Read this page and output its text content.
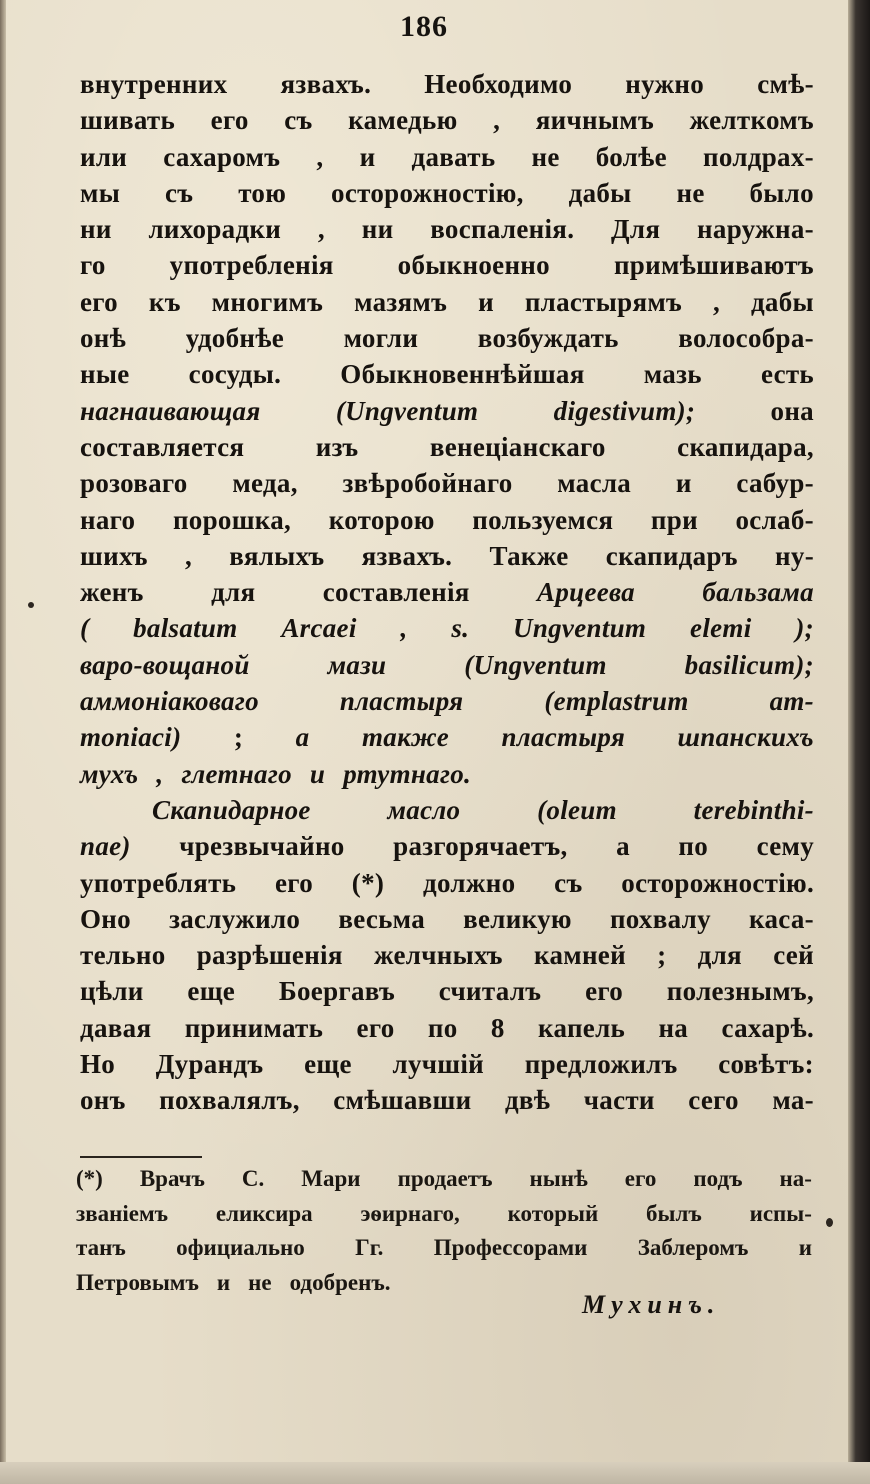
186
внутренних язвахъ. Необходимо нужно смѣ-
шивать его съ камедью , яичнымъ желткомъ
или сахаромъ , и давать не болѣе полдрах-
мы съ тою осторожностію, дабы не было
ни лихорадки , ни воспаленія. Для наружна-
го употребленія обыкноенно примѣшиваютъ
его къ многимъ мазямъ и пластырямъ , дабы
онѣ удобнѣе могли возбуждать волособра-
ные сосуды. Обыкновеннѣйшая мазь есть
нагнаивающая	(Ungventum	digestivum);	она
составляется	изъ	венеціанскаго	скапидара,
розоваго меда, звѣробойнаго масла и сабур-
наго порошка, которою пользуемся при ослаб-
шихъ , вялыхъ язвахъ. Также скапидаръ ну-
женъ для составленія Арцеева бальзама
( balsatum Arcaei , s. Ungventum elemi );
варо-вощаной	мази	(Ungventum	basilicum);
аммоніаковаго	пластыря	(emplastrum	am-
moniaci) ; а также пластыря шпанскихъ
мухъ , глетнаго и ртутнаго.
Скапидарное	масло	(oleum	terebinthi-
nae) чрезвычайно разгорячаетъ, а по сему
употреблять его (*) должно съ осторожностію.
Оно заслужило весьма великую похвалу каса-
тельно разрѣшенія желчныхъ камней ; для сей
цѣли еще Боергавъ считалъ его полезнымъ,
давая принимать его по 8 капель на сахарѣ.
Но Дурандъ еще лучшій предложилъ совѣтъ:
онъ похвалялъ, смѣшавши двѣ части сего ма-
(*) Врачъ С. Мари продаетъ нынѣ его подъ на-
званіемъ еликсира эѳирнаго, который былъ испы-
танъ официально Гг. Профессорами Заблеромъ и
Петровымъ и не одобренъ.
Мухинъ.
